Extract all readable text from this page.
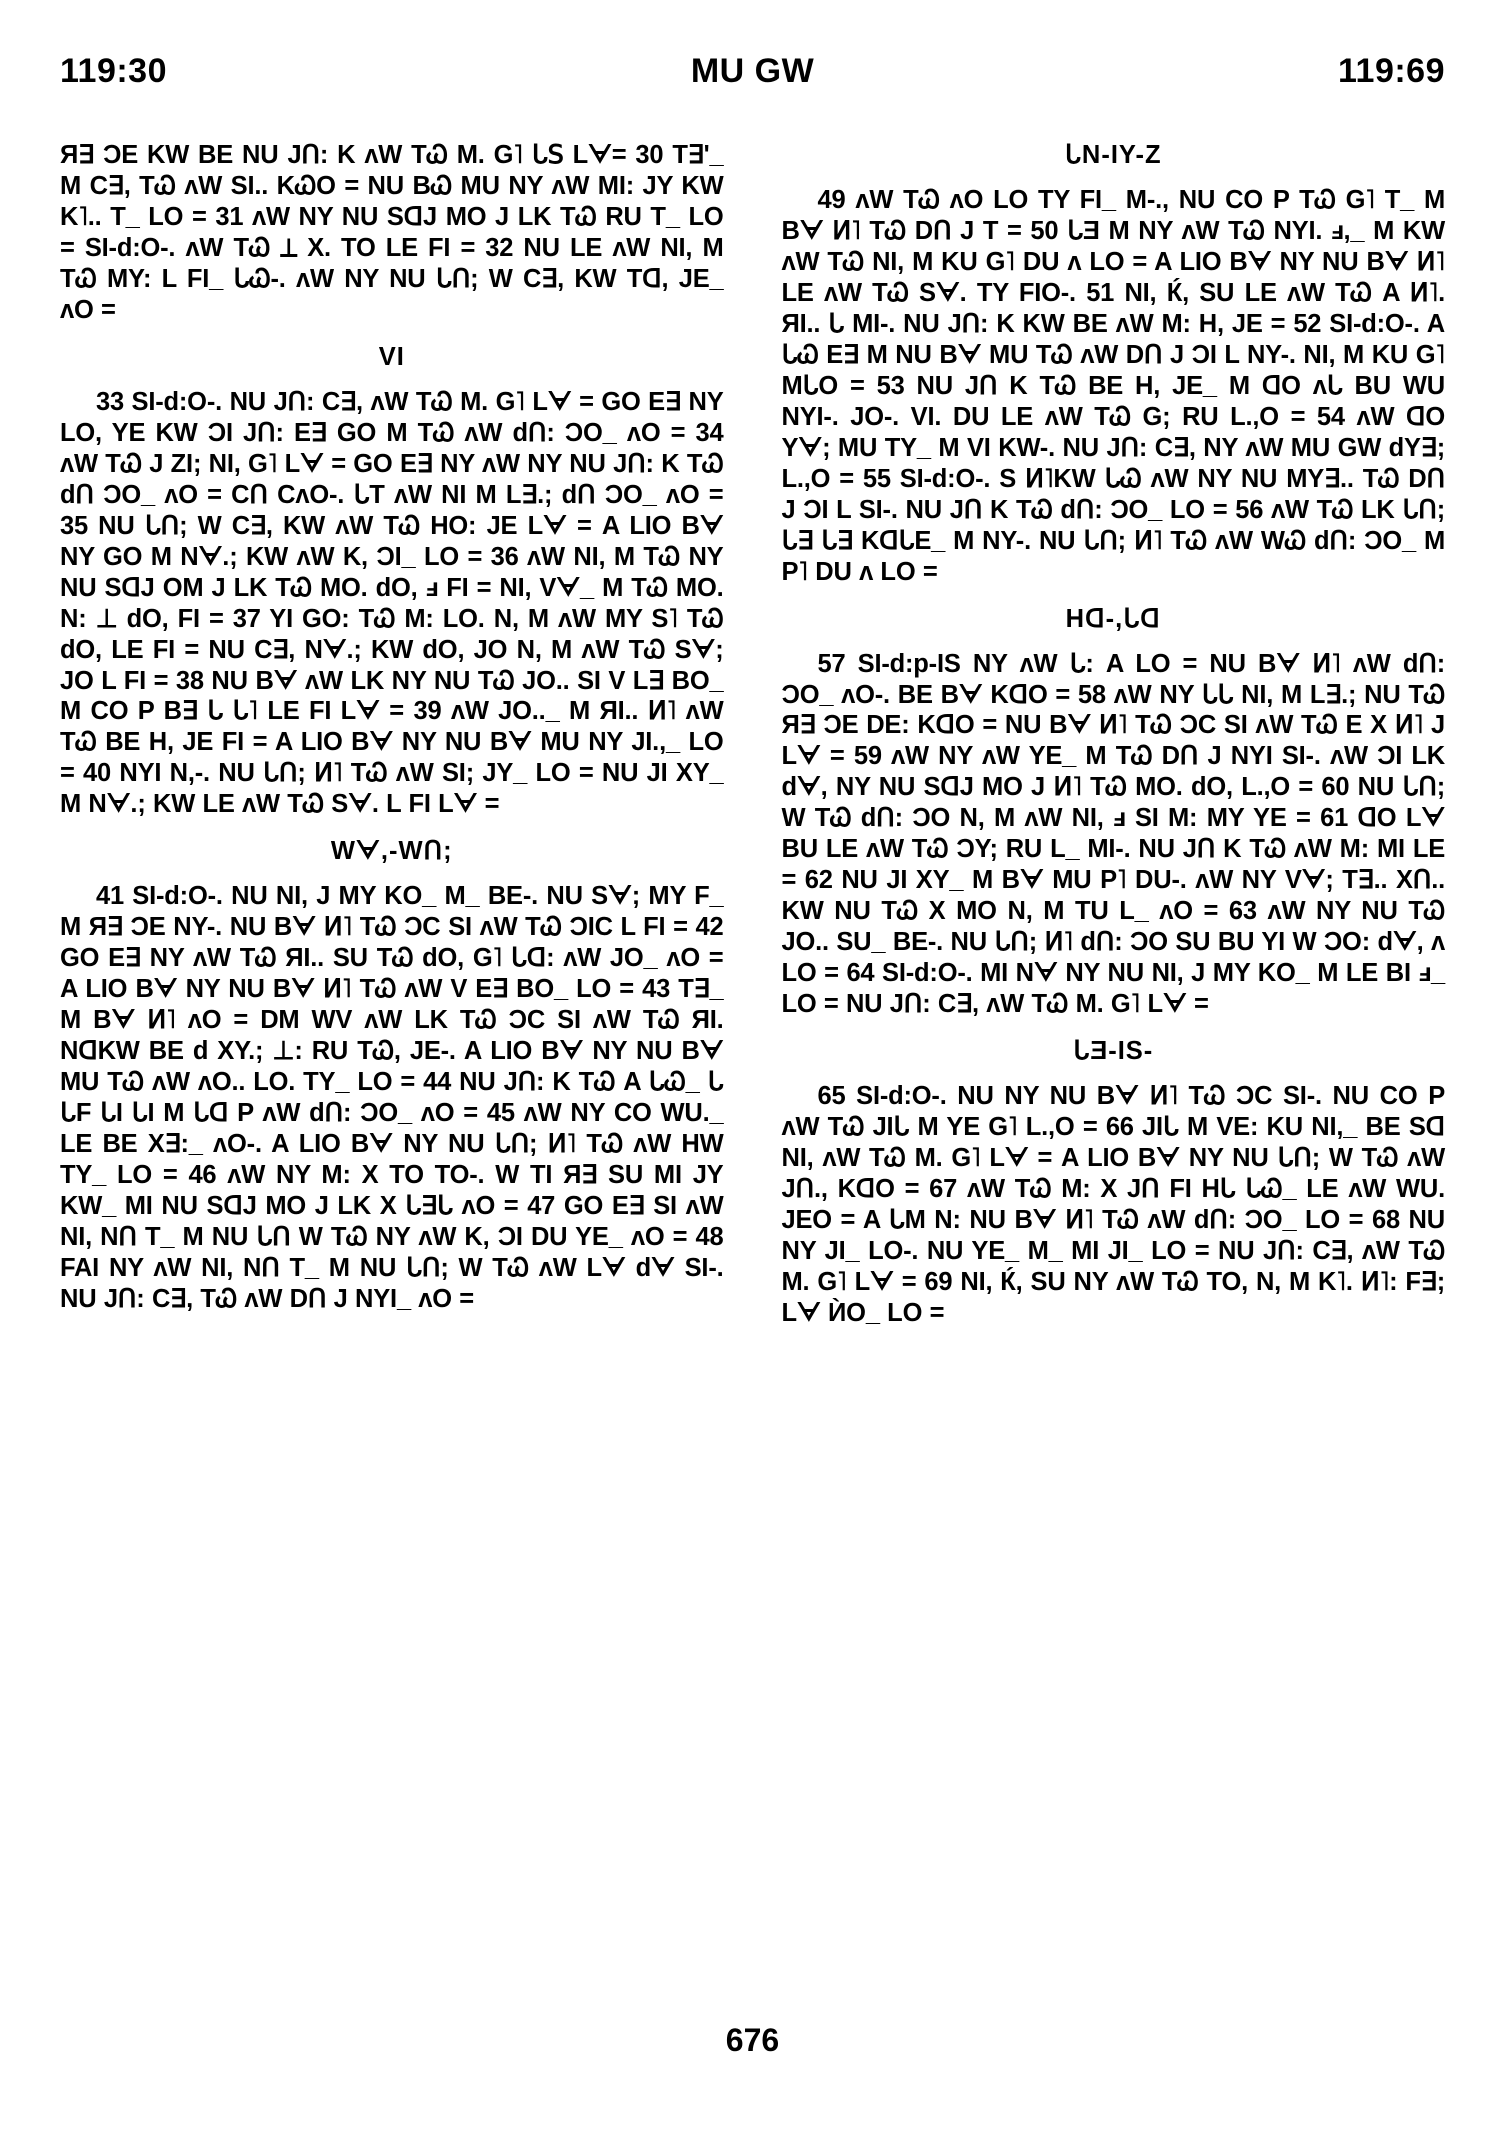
119:30	MU GW	119:69

Я∃ ƆE KW BE NU JՈ: K ᴧW TᏇ M. G˥ ᒐꓢ Lᗄ= 30 T∃'_ M C∃, TᏇ ᴧW SI.. KᏇO = NU BᏇ MU NY ᴧW MI: JY KW K˥.. T_ LO = 31 ᴧW NY NU SꓷJ MO J LK TᏇ RU T_ LO = SI-d:O-. ᴧW TᏇ ⊥ X. TO LE FI = 32 NU LE ᴧW NI, M TᏇ MY: L FI_ ᒐᏇ-. ᴧW NY NU ᒐՈ; W C∃, KW Tꓷ, JE_ ᴧO =

VI

33 SI-d:O-. NU JՈ: C∃, ᴧW TᏇ M. G˥ Lᗄ = GO E∃ NY LO, YE KW ƆI JՈ: E∃ GO M TᏇ ᴧW dՈ: ƆO_ ᴧO = 34 ᴧW TᏇ J ZI; NI, G˥ Lᗄ = GO E∃ NY ᴧW NY NU JՈ: K TᏇ dՈ ƆO_ ᴧO = CՈ CᴧO-. ᒐT ᴧW NI M L∃.; dՈ ƆO_ ᴧO = 35 NU ᒐՈ; W C∃, KW ᴧW TᏇ HO: JE Lᗄ = A LIO Bᗄ NY GO M Nᗄ.; KW ᴧW K, ƆI_ LO = 36 ᴧW NI, M TᏇ NY NU SꓷJ OM J LK TᏇ MO. dO, ⅎ FI = NI, Vᗄ_ M TᏇ MO. N: ⊥ dO, FI = 37 YI GO: TᏇ M: LO. N, M ᴧW MY S˥ TᏇ dO, LE FI = NU C∃, Nᗄ.; KW dO, JO N, M ᴧW TᏇ Sᗄ; JO L FI = 38 NU Bᗄ ᴧW LK NY NU TᏇ JO.. SI V L∃ BO_ M CO P B∃ ᒐ ᒐ˥ LE FI Lᗄ = 39 ᴧW JO.._ M ЯI.. Ͷ˥ ᴧW TᏇ BE H, JE FI = A LIO Bᗄ NY NU Bᗄ MU NY JI.,_ LO = 40 NYI N,-. NU ᒐՈ; Ͷ˥ TᏇ ᴧW SI; JY_ LO = NU JI XY_ M Nᗄ.; KW LE ᴧW TᏇ Sᗄ. L FI Lᗄ =

Wᗄ,-WՈ;

41 SI-d:O-. NU NI, J MY KO_ M_ BE-. NU Sᗄ; MY F_ M Я∃ ƆE NY-. NU Bᗄ Ͷ˥ TᏇ ƆC SI ᴧW TᏇ ƆIC L FI = 42 GO E∃ NY ᴧW TᏇ ЯI.. SU TᏇ dO, G˥ ᒐꓷ: ᴧW JO_ ᴧO = A LIO Bᗄ NY NU Bᗄ Ͷ˥ TᏇ ᴧW V E∃ BO_ LO = 43 T∃_ M Bᗄ Ͷ˥ ᴧO = DM WV ᴧW LK TᏇ ƆC SI ᴧW TᏇ ЯI. NꓷKW BE d XY.; ⊥: RU TᏇ, JE-. A LIO Bᗄ NY NU Bᗄ MU TᏇ ᴧW ᴧO.. LO. TY_ LO = 44 NU JՈ: K TᏇ A ᒐᏇ_ ᒐ ᒐF ᒐI ᒐI M ᒐꓷ P ᴧW dՈ: ƆO_ ᴧO = 45 ᴧW NY CO WU._ LE BE X∃:_ ᴧO-. A LIO Bᗄ NY NU ᒐՈ; Ͷ˥ TᏇ ᴧW HW TY_ LO = 46 ᴧW NY M: X TO TO-. W TI Я∃ SU MI JY KW_ MI NU SꓷJ MO J LK X ᒐ∃ᒐ ᴧO = 47 GO E∃ SI ᴧW NI, NՈ T_ M NU ᒐՈ W TᏇ NY ᴧW K, ƆI DU YE_ ᴧO = 48 FAI NY ᴧW NI, NՈ T_ M NU ᒐՈ; W TᏇ ᴧW Lᗄ dᗄ SI-. NU JՈ: C∃, TᏇ ᴧW DՈ J NYI_ ᴧO =

ᒐN-IY-Z

49 ᴧW TᏇ ᴧO LO TY FI_ M-., NU CO P TᏇ G˥ T_ M Bᗄ Ͷ˥ TᏇ DՈ J T = 50 ᒐƎ M NY ᴧW TᏇ NYI. ⅎ,_ M KW ᴧW TᏇ NI, M KU G˥ DU ᴧ LO = A LIO Bᗄ NY NU Bᗄ Ͷ˥ LE ᴧW TᏇ Sᗄ. TY FIO-. 51 NI, Ќ, SU LE ᴧW TᏇ A Ͷ˥. ЯI.. ᒐ MI-. NU JՈ: K KW BE ᴧW M: H, JE = 52 SI-d:O-. A ᒐᏇ E∃ M NU Bᗄ MU TᏇ ᴧW DՈ J ƆI L NY-. NI, M KU G˥ MᒐO = 53 NU JՈ K TᏇ BE H, JE_ M ꓷO ᴧᒐ BU WU NYI-. JO-. VI. DU LE ᴧW TᏇ G; RU L.,O = 54 ᴧW ꓷO Yᗄ; MU TY_ M VI KW-. NU JՈ: C∃, NY ᴧW MU GW dY∃; L.,O = 55 SI-d:O-. S Ͷ˥KW ᒐᏇ ᴧW NY NU MY∃.. TᏇ DՈ J ƆI L SI-. NU JՈ K TᏇ dՈ: ƆO_ LO = 56 ᴧW TᏇ LK ᒐՈ; ᒐ∃ ᒐ∃ KꓷᒐE_ M NY-. NU ᒐՈ; Ͷ˥ TᏇ ᴧW WᏇ dՈ: ƆO_ M P˥ DU ᴧ LO =

Hꓷ-,ᒐꓷ

57 SI-d:p-IS NY ᴧW ᒐ: A LO = NU Bᗄ Ͷ˥ ᴧW dՈ: ƆO_ ᴧO-. BE Bᗄ KꓷO = 58 ᴧW NY ᒐᒐ NI, M L∃.; NU TᏇ Я∃ ƆE DE: KꓷO = NU Bᗄ Ͷ˥ TᏇ ƆC SI ᴧW TᏇ E X Ͷ˥ J Lᗄ = 59 ᴧW NY ᴧW YE_ M TᏇ DՈ J NYI SI-. ᴧW ƆI LK dᗄ, NY NU SꓷJ MO J Ͷ˥ TᏇ MO. dO, L.,O = 60 NU ᒐՈ; W TᏇ dՈ: ƆO N, M ᴧW NI, ⅎ SI M: MY YE = 61 ꓷO Lᗄ BU LE ᴧW TᏇ ƆY; RU L_ MI-. NU JՈ K TᏇ ᴧW M: MI LE = 62 NU JI XY_ M Bᗄ MU P˥ DU-. ᴧW NY Vᗄ; T∃.. XՈ.. KW NU TᏇ X MO N, M TU L_ ᴧO = 63 ᴧW NY NU TᏇ JO.. SU_ BE-. NU ᒐՈ; Ͷ˥ dՈ: ƆO SU BU YI W ƆO: dᗄ, ᴧ LO = 64 SI-d:O-. MI Nᗄ NY NU NI, J MY KO_ M LE BI ⅎ_ LO = NU JՈ: C∃, ᴧW TᏇ M. G˥ Lᗄ =

ᒐƎ-IS-

65 SI-d:O-. NU NY NU Bᗄ Ͷ˥ TᏇ ƆC SI-. NU CO P ᴧW TᏇ JIᒐ M YE G˥ L.,O = 66 JIᒐ M VE: KU NI,_ BE Sꓷ NI, ᴧW TᏇ M. G˥ Lᗄ = A LIO Bᗄ NY NU ᒐՈ; W TᏇ ᴧW JՈ., KꓷO = 67 ᴧW TᏇ M: X JՈ FI Hᒐ ᒐᏇ_ LE ᴧW WU. JEO = A ᒐM N: NU Bᗄ Ͷ˥ TᏇ ᴧW dՈ: ƆO_ LO = 68 NU NY JI_ LO-. NU YE_ M_ MI JI_ LO = NU JՈ: C∃, ᴧW TᏇ M. G˥ Lᗄ = 69 NI, Ќ, SU NY ᴧW TᏇ TO, N, M K˥. Ͷ˥: F∃; Lᗄ ЍO_ LO =

676
